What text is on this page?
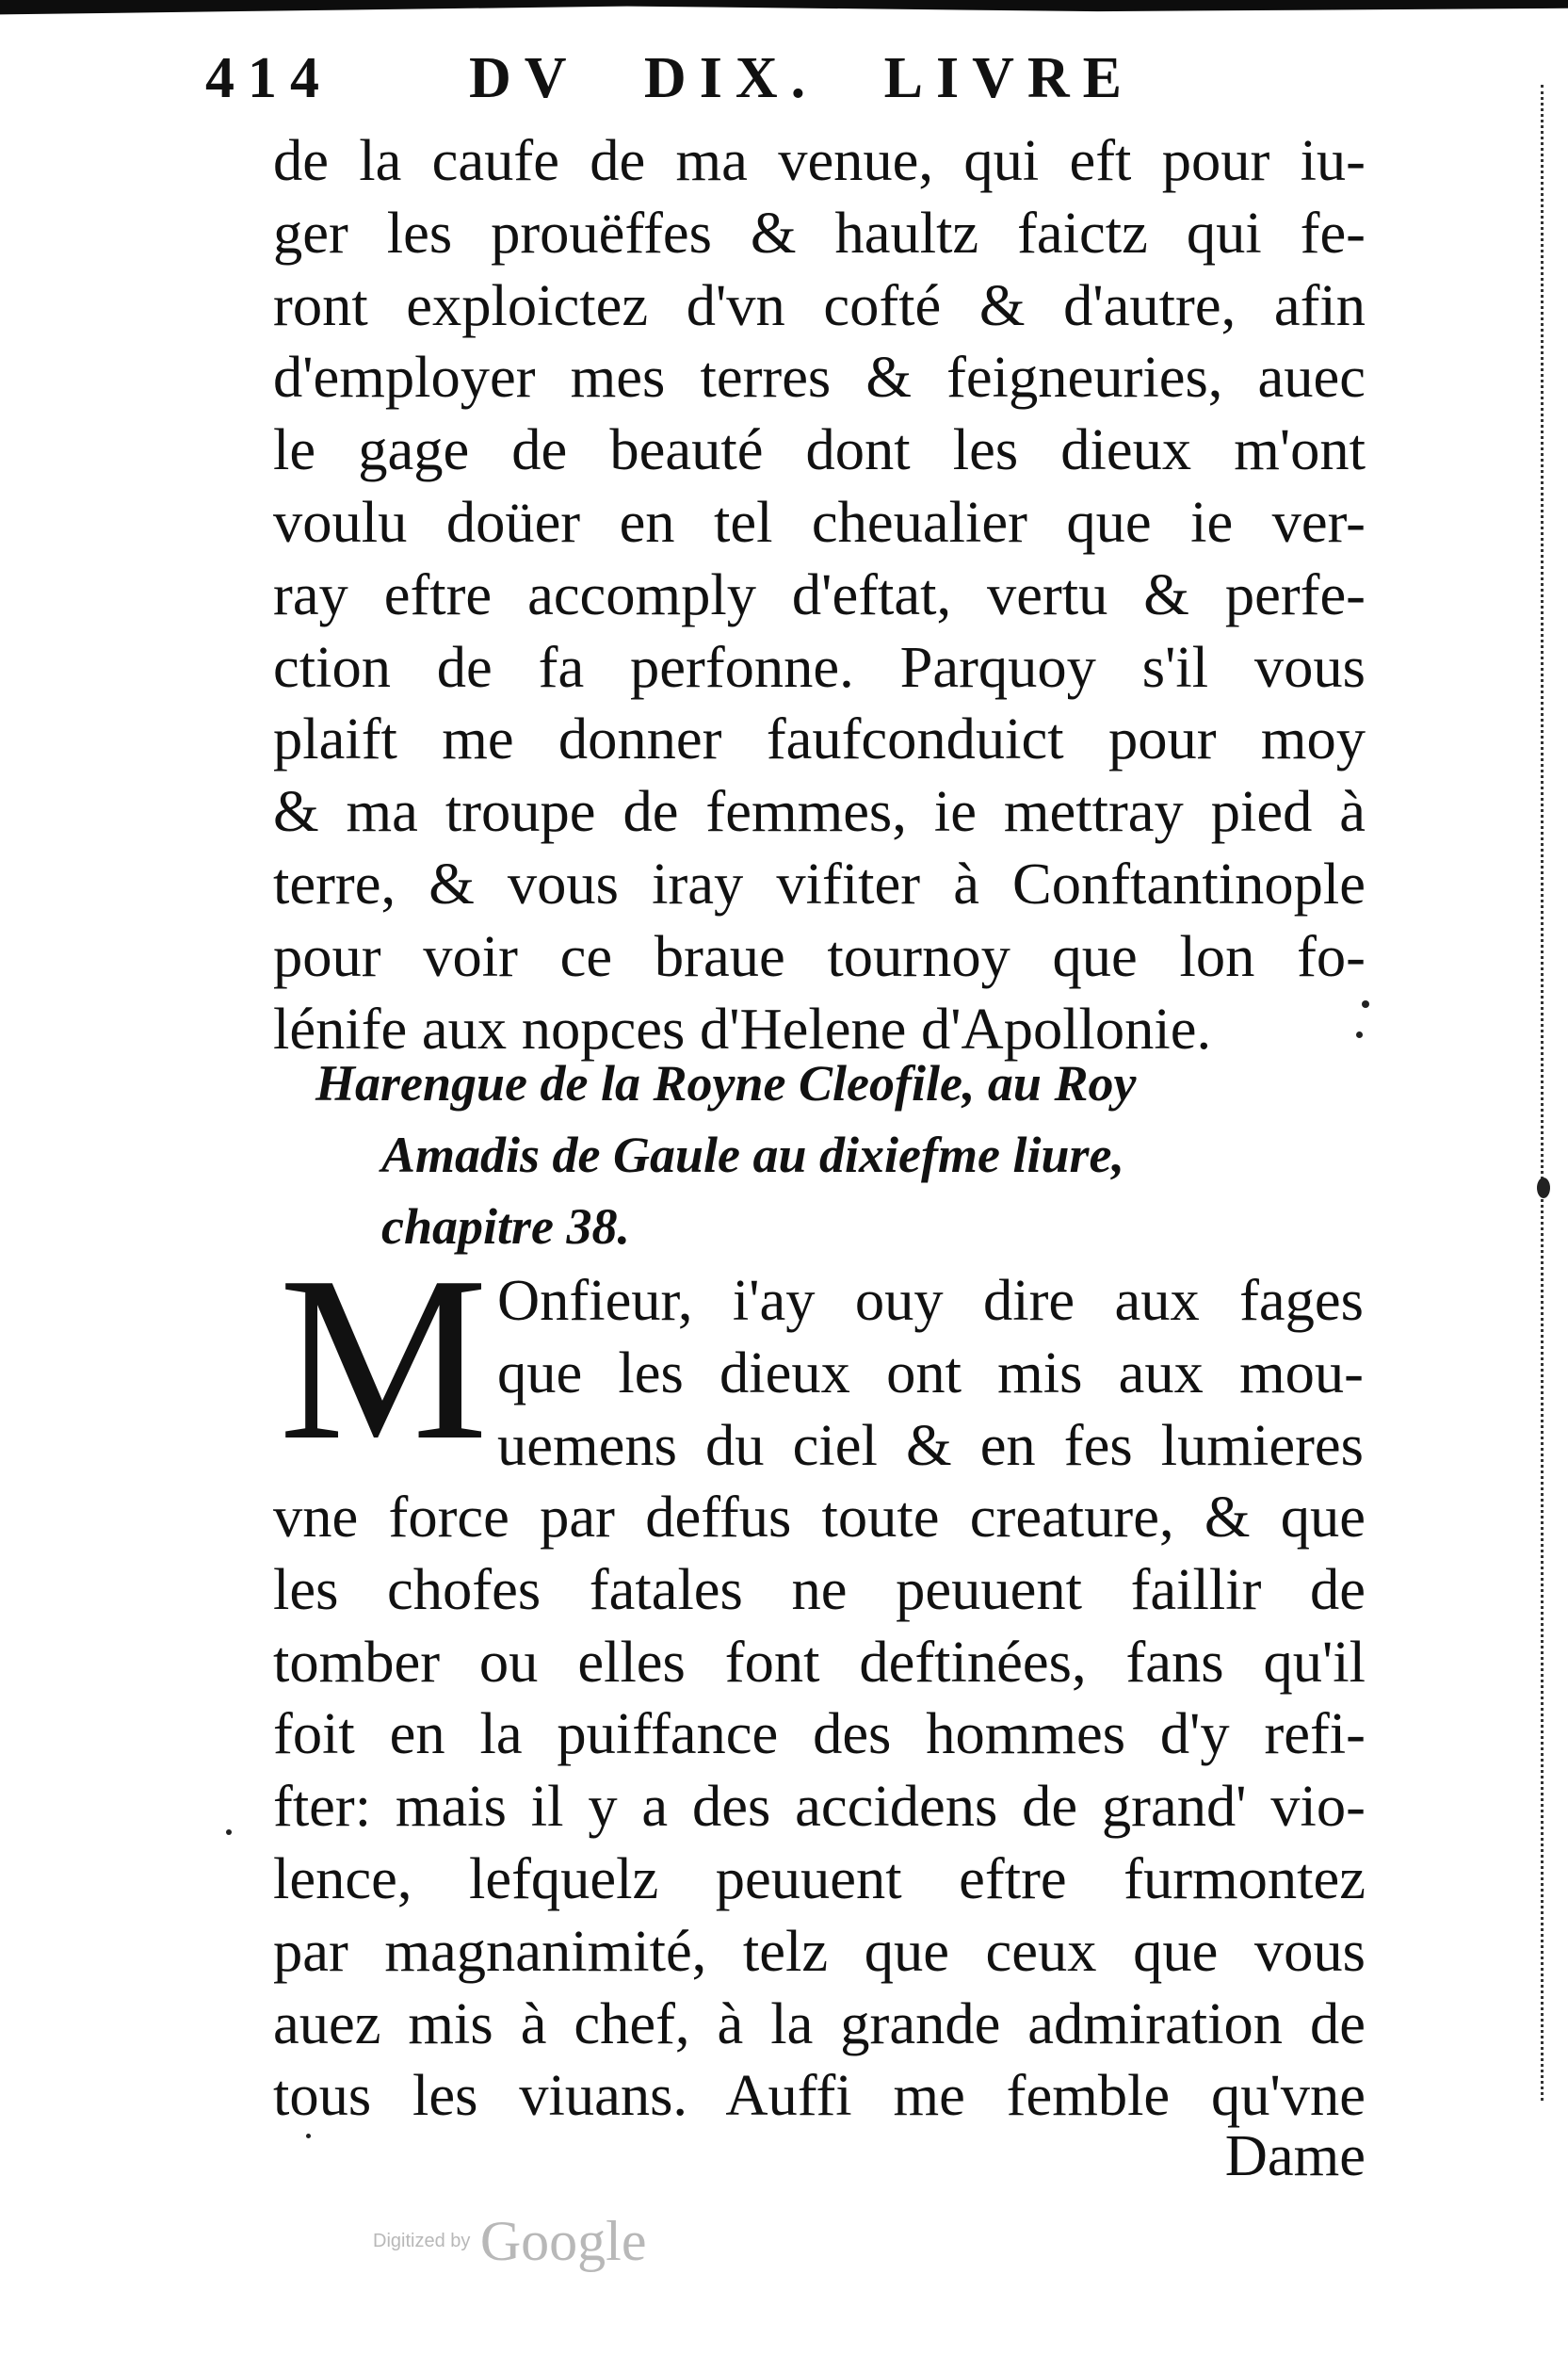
414 DV DIX. LIVRE
de la caufe de ma venue, qui eft pour iu-
ger les prouëffes & haultz faictz qui fe-
ront exploictez d'vn cofté & d'autre, afin
d'employer mes terres & feigneuries, auec
le gage de beauté dont les dieux m'ont
voulu doüer en tel cheualier que ie ver-
ray eftre accomply d'eftat, vertu & perfe-
ction de fa perfonne. Parquoy s'il vous
plaift me donner faufconduict pour moy
& ma troupe de femmes, ie mettray pied à
terre, & vous iray vifiter à Conftantinople
pour voir ce braue tournoy que lon fo-
lénife aux nopces d'Helene d'Apollonie.
Harengue de la Royne Cleofile, au Roy
Amadis de Gaule au dixiefme liure,
chapitre 38.
M Onfieur, i'ay ouy dire aux fages
que les dieux ont mis aux mou-
uemens du ciel & en fes lumieres
vne force par deffus toute creature, & que
les chofes fatales ne peuuent faillir de
tomber ou elles font deftinées, fans qu'il
foit en la puiffance des hommes d'y refi-
fter: mais il y a des accidens de grand' vio-
lence, lefquelz peuuent eftre furmontez
par magnanimité, telz que ceux que vous
auez mis à chef, à la grande admiration de
tous les viuans. Auffi me femble qu'vne
Dame
Digitized by Google
